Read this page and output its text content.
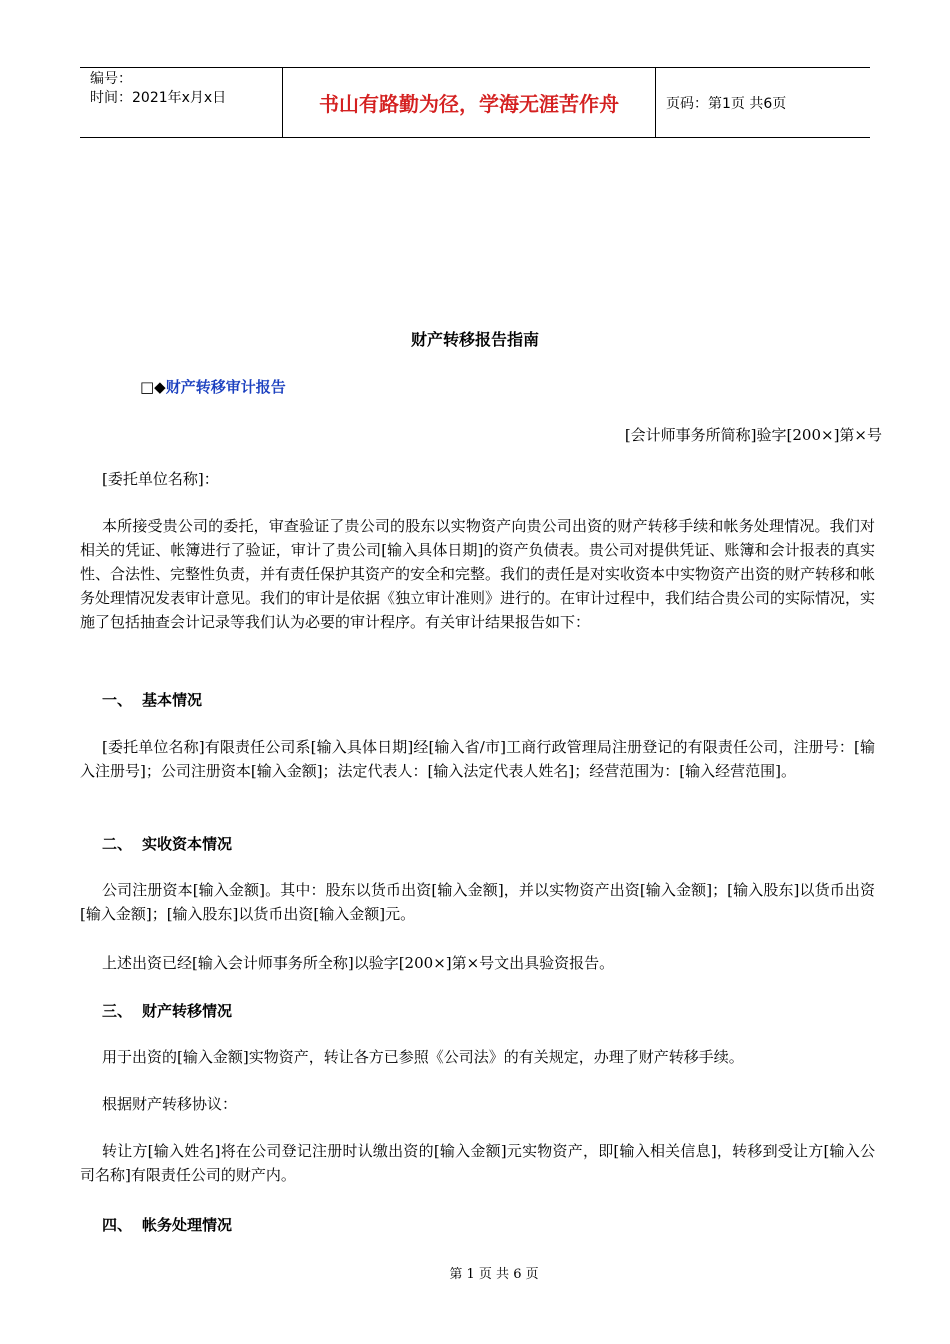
编号：
时间：2021年x月x日	书山有路勤为径，学海无涯苦作舟	页码：第1页 共6页
财产转移报告指南
□◆财产转移审计报告
[会计师事务所简称]验字[200×]第×号

[委托单位名称]：

本所接受贵公司的委托，审查验证了贵公司的股东以实物资产向贵公司出资的财产转移手续和帐务处理情况。我们对相关的凭证、帐簿进行了验证，审计了贵公司[输入具体日期]的资产负债表。贵公司对提供凭证、账簿和会计报表的真实性、合法性、完整性负责，并有责任保护其资产的安全和完整。我们的责任是对实收资本中实物资产出资的财产转移和帐务处理情况发表审计意见。我们的审计是依据《独立审计准则》进行的。在审计过程中，我们结合贵公司的实际情况，实施了包括抽查会计记录等我们认为必要的审计程序。有关审计结果报告如下：

一、 基本情况

[委托单位名称]有限责任公司系[输入具体日期]经[输入省/市]工商行政管理局注册登记的有限责任公司，注册号：[输入注册号]；公司注册资本[输入金额]；法定代表人：[输入法定代表人姓名]；经营范围为：[输入经营范围]。

二、 实收资本情况

公司注册资本[输入金额]。其中：股东以货币出资[输入金额]，并以实物资产出资[输入金额]；[输入股东]以货币出资[输入金额]；[输入股东]以货币出资[输入金额]元。

上述出资已经[输入会计师事务所全称]以验字[200×]第×号文出具验资报告。

三、 财产转移情况

用于出资的[输入金额]实物资产，转让各方已参照《公司法》的有关规定，办理了财产转移手续。

根据财产转移协议：

转让方[输入姓名]将在公司登记注册时认缴出资的[输入金额]元实物资产，即[输入相关信息]，转移到受让方[输入公司名称]有限责任公司的财产内。

四、 帐务处理情况
第 1 页 共 6 页
